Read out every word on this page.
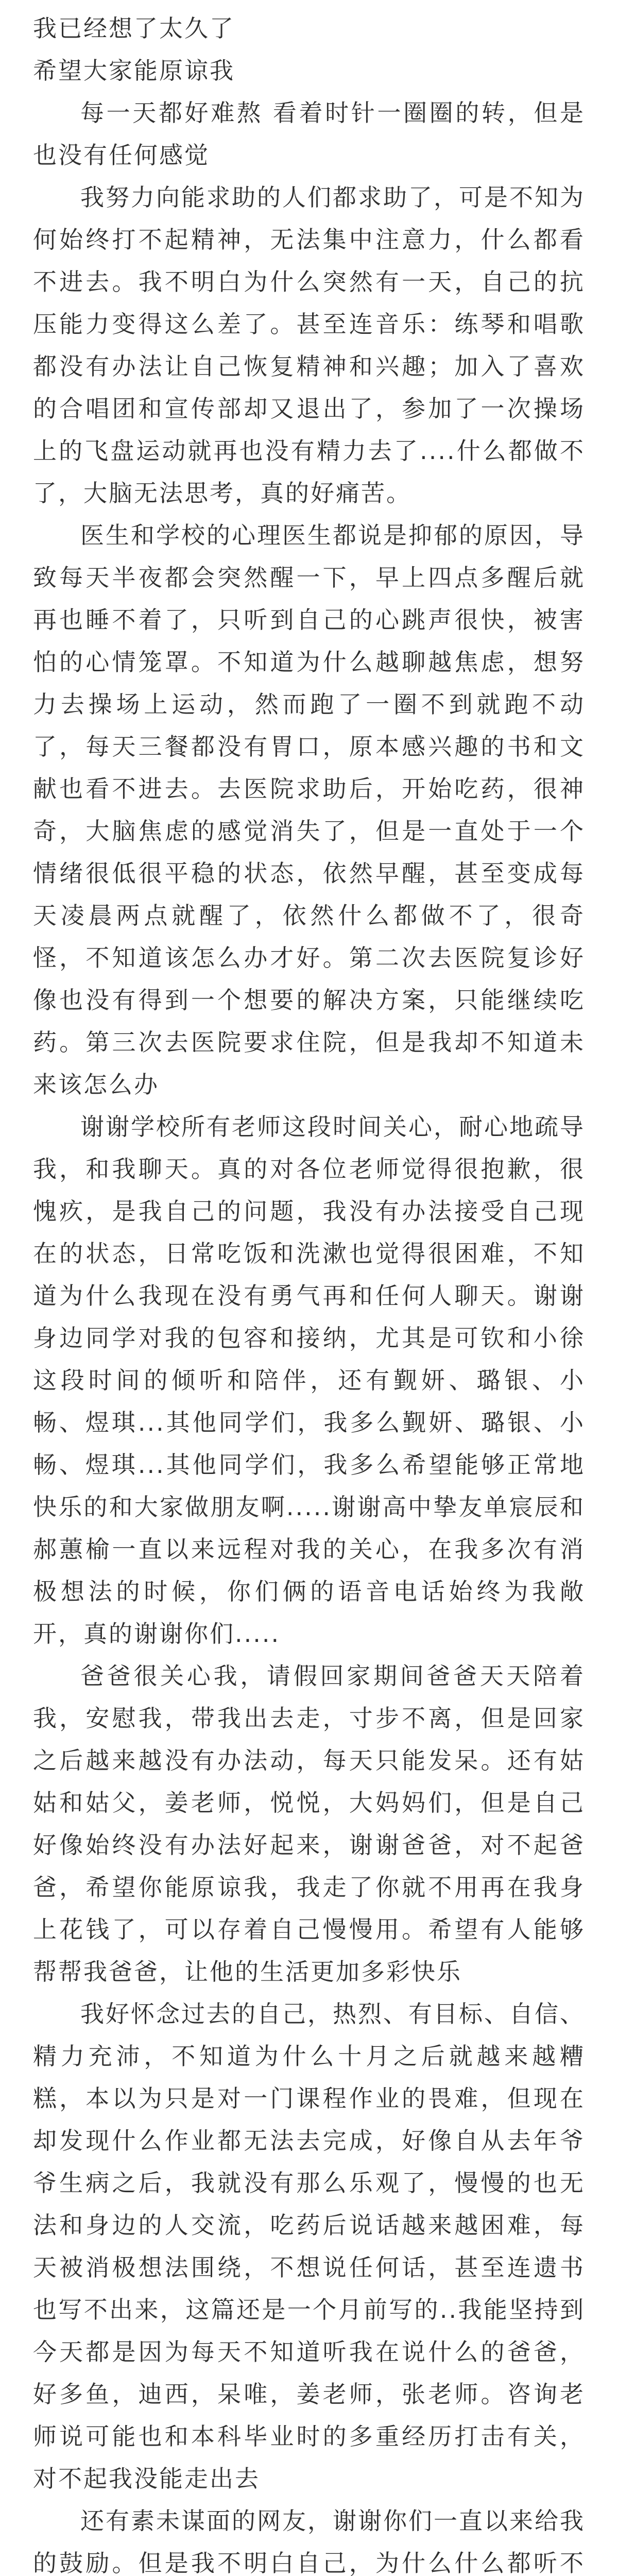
我已经想了太久了
希望大家能原谅我

每一天都好难熬 看着时针一圈圈的转，但是也没有任何感觉

我努力向能求助的人们都求助了，可是不知为何始终打不起精神，无法集中注意力，什么都看不进去。我不明白为什么突然有一天，自己的抗压能力变得这么差了。甚至连音乐：练琴和唱歌都没有办法让自己恢复精神和兴趣；加入了喜欢的合唱团和宣传部却又退出了，参加了一次操场上的飞盘运动就再也没有精力去了....什么都做不了，大脑无法思考，真的好痛苦。

医生和学校的心理医生都说是抑郁的原因，导致每天半夜都会突然醒一下，早上四点多醒后就再也睡不着了，只听到自己的心跳声很快，被害怕的心情笼罩。不知道为什么越聊越焦虑，想努力去操场上运动，然而跑了一圈不到就跑不动了，每天三餐都没有胃口，原本感兴趣的书和文献也看不进去。去医院求助后，开始吃药，很神奇，大脑焦虑的感觉消失了，但是一直处于一个情绪很低很平稳的状态，依然早醒，甚至变成每天凌晨两点就醒了，依然什么都做不了，很奇怪，不知道该怎么办才好。第二次去医院复诊好像也没有得到一个想要的解决方案，只能继续吃药。第三次去医院要求住院，但是我却不知道未来该怎么办

谢谢学校所有老师这段时间关心，耐心地疏导我，和我聊天。真的对各位老师觉得很抱歉，很愧疚，是我自己的问题，我没有办法接受自己现在的状态，日常吃饭和洗漱也觉得很困难，不知道为什么我现在没有勇气再和任何人聊天。谢谢身边同学对我的包容和接纳，尤其是可钦和小徐这段时间的倾听和陪伴，还有觐妍、璐银、小畅、煜琪...其他同学们，我多么觐妍、璐银、小畅、煜琪...其他同学们，我多么希望能够正常地快乐的和大家做朋友啊.....谢谢高中挚友单宸辰和郝蕙榆一直以来远程对我的关心，在我多次有消极想法的时候，你们俩的语音电话始终为我敞开，真的谢谢你们.....

爸爸很关心我，请假回家期间爸爸天天陪着我，安慰我，带我出去走，寸步不离，但是回家之后越来越没有办法动，每天只能发呆。还有姑姑和姑父，姜老师，悦悦，大妈妈们，但是自己好像始终没有办法好起来，谢谢爸爸，对不起爸爸，希望你能原谅我，我走了你就不用再在我身上花钱了，可以存着自己慢慢用。希望有人能够帮帮我爸爸，让他的生活更加多彩快乐

我好怀念过去的自己，热烈、有目标、自信、精力充沛，不知道为什么十月之后就越来越糟糕，本以为只是对一门课程作业的畏难，但现在却发现什么作业都无法去完成，好像自从去年爷爷生病之后，我就没有那么乐观了，慢慢的也无法和身边的人交流，吃药后说话越来越困难，每天被消极想法围绕，不想说任何话，甚至连遗书也写不出来，这篇还是一个月前写的..我能坚持到今天都是因为每天不知道听我在说什么的爸爸，好多鱼，迪西，呆唯，姜老师，张老师。咨询老师说可能也和本科毕业时的多重经历打击有关，对不起我没能走出去

还有素未谋面的网友，谢谢你们一直以来给我的鼓励。但是我不明白自己，为什么什么都听不
